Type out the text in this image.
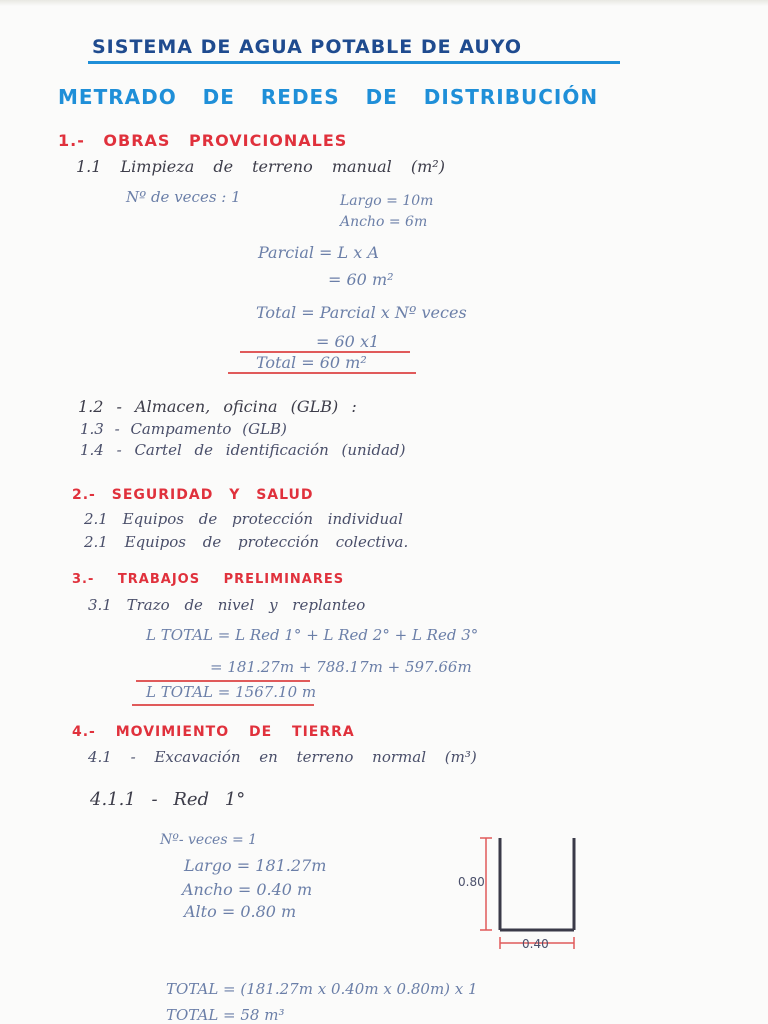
SISTEMA DE AGUA POTABLE DE AUYO
METRADO DE REDES DE DISTRIBUCIÓN
1.- OBRAS PROVICIONALES
1.1 Limpieza de terreno manual (m²)
Nº de veces : 1	Largo = 10m
Ancho = 6m
Parcial = L x A
= 60 m²
Total = Parcial x Nº veces
= 60 x1
Total = 60 m²
1.2 - Almacen, oficina (GLB) :
1.3 - Campamento (GLB)
1.4 - Cartel de identificación (unidad)
2.- SEGURIDAD Y SALUD
2.1 Equipos de protección individual
2.1 Equipos de protección colectiva.
3.- TRABAJOS PRELIMINARES
3.1 Trazo de nivel y replanteo
L TOTAL = L Red 1° + L Red 2° + L Red 3°
= 181.27m + 788.17m + 597.66m
L TOTAL = 1567.10 m
4.- MOVIMIENTO DE TIERRA
4.1 - Excavación en terreno normal (m³)
4.1.1 - Red 1°
Nº- veces = 1
Largo = 181.27m
Ancho = 0.40 m
Alto = 0.80 m
0.80
0.40
TOTAL = (181.27m x 0.40m x 0.80m) x 1
TOTAL = 58 m³
